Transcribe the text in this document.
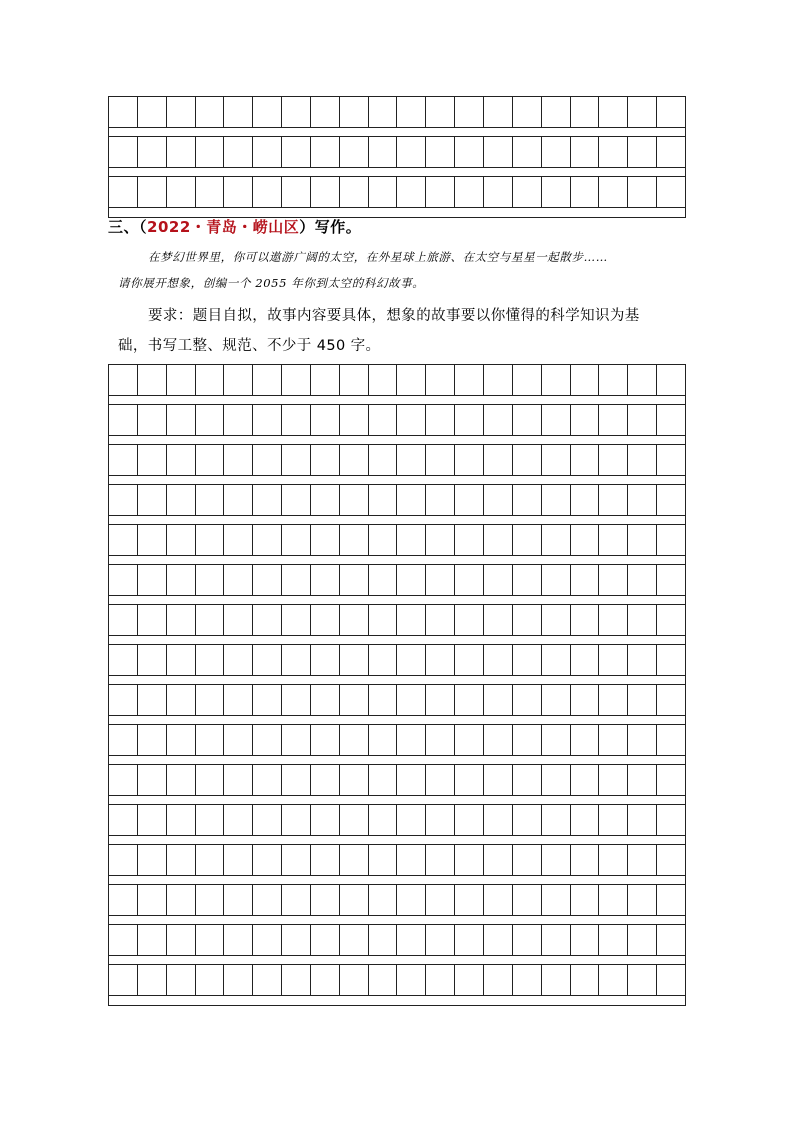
三、（2022・青岛・崂山区）写作。
在梦幻世界里，你可以遨游广阔的太空，在外星球上旅游、在太空与星星一起散步……
请你展开想象，创编一个 2055 年你到太空的科幻故事。
要求：题目自拟，故事内容要具体，想象的故事要以你懂得的科学知识为基
础，书写工整、规范、不少于 450 字。
